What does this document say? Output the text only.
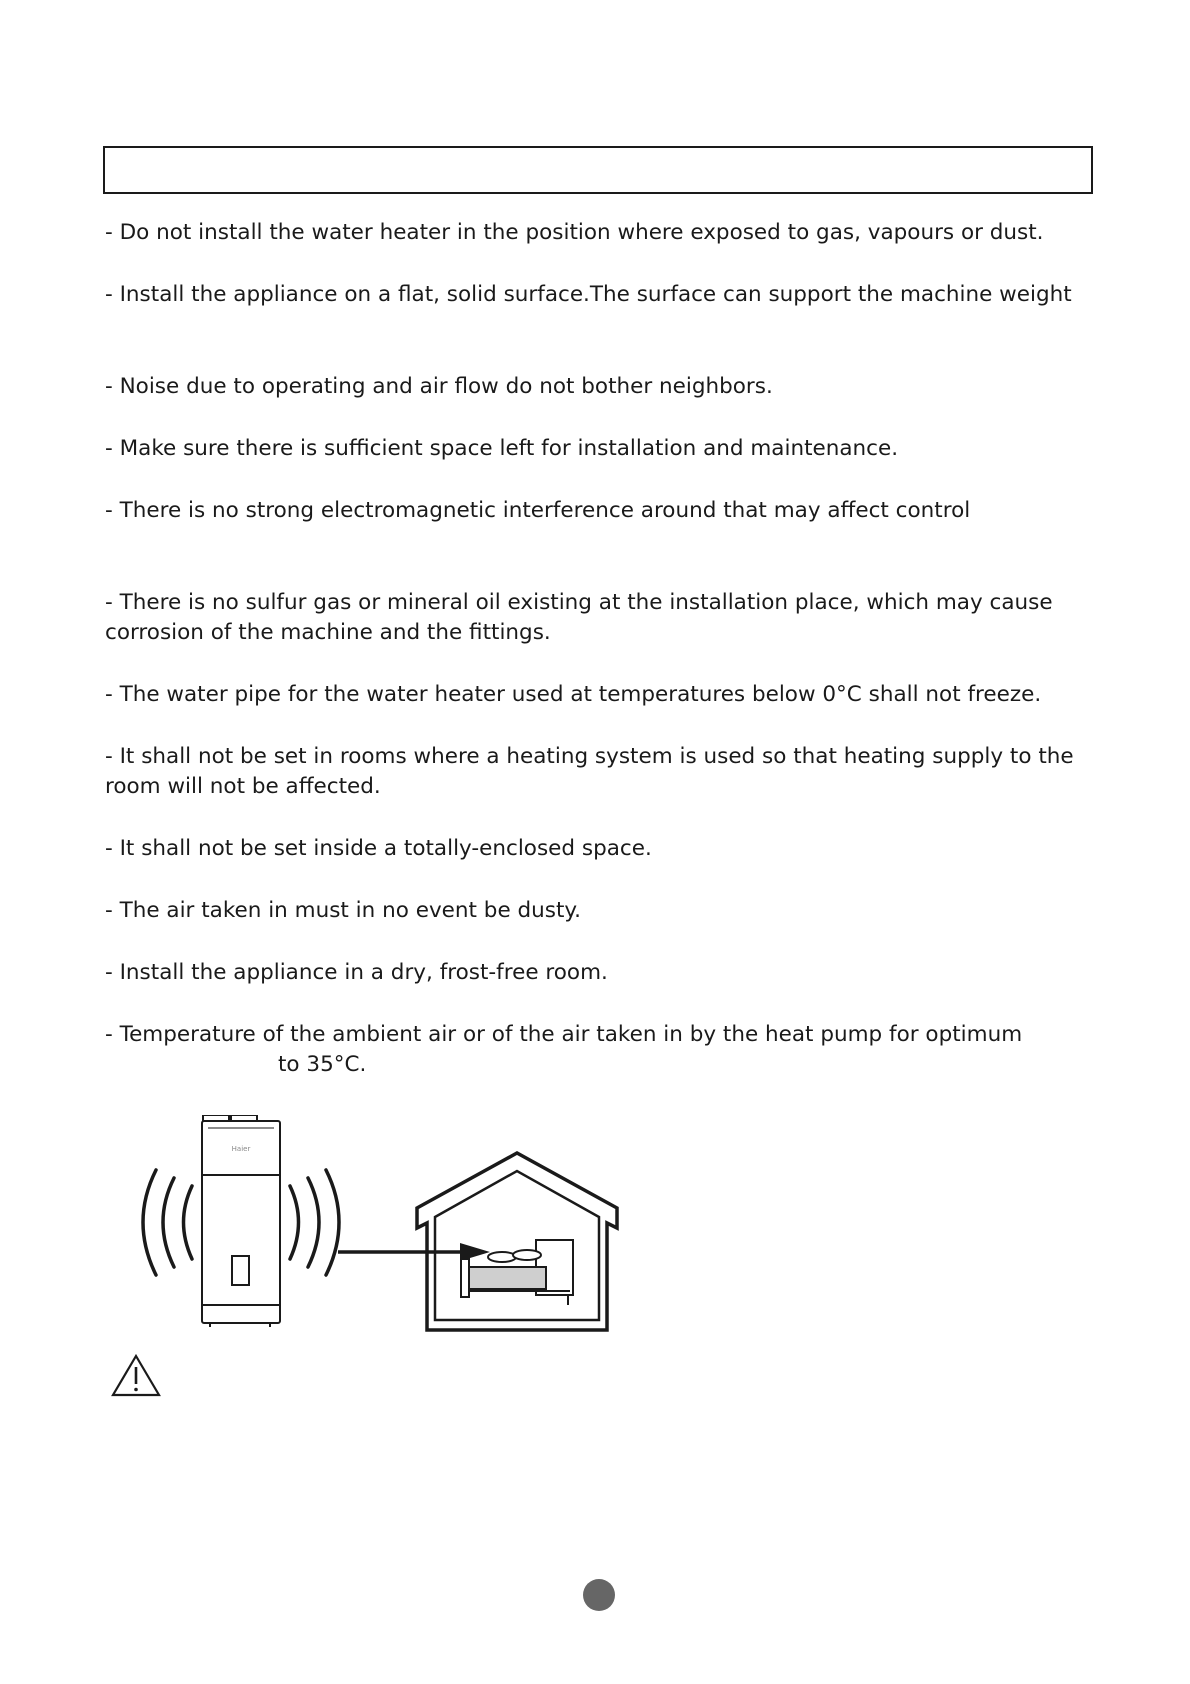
- Do not install the water heater in the position where exposed to gas, vapours or dust.

- Install the appliance on a flat, solid surface.The surface can support the machine weight

- Noise due to operating and air flow do not bother neighbors.

- Make sure there is sufficient space left for installation and maintenance.

- There is no strong electromagnetic interference around that may affect control

- There is no sulfur gas or mineral oil existing at the installation place, which may cause

corrosion of the machine and the fittings.

- The water pipe for the water heater used at temperatures below 0°C shall not freeze.

- It shall not be set in rooms where a heating system is used so that heating supply to the

room will not be affected.

- It shall not be set inside a totally-enclosed space.

- The air taken in must in no event be dusty.

- Install the appliance in a dry, frost-free room.

- Temperature of the ambient air or of the air taken in by the heat pump for optimum

to 35°C.

Haier
